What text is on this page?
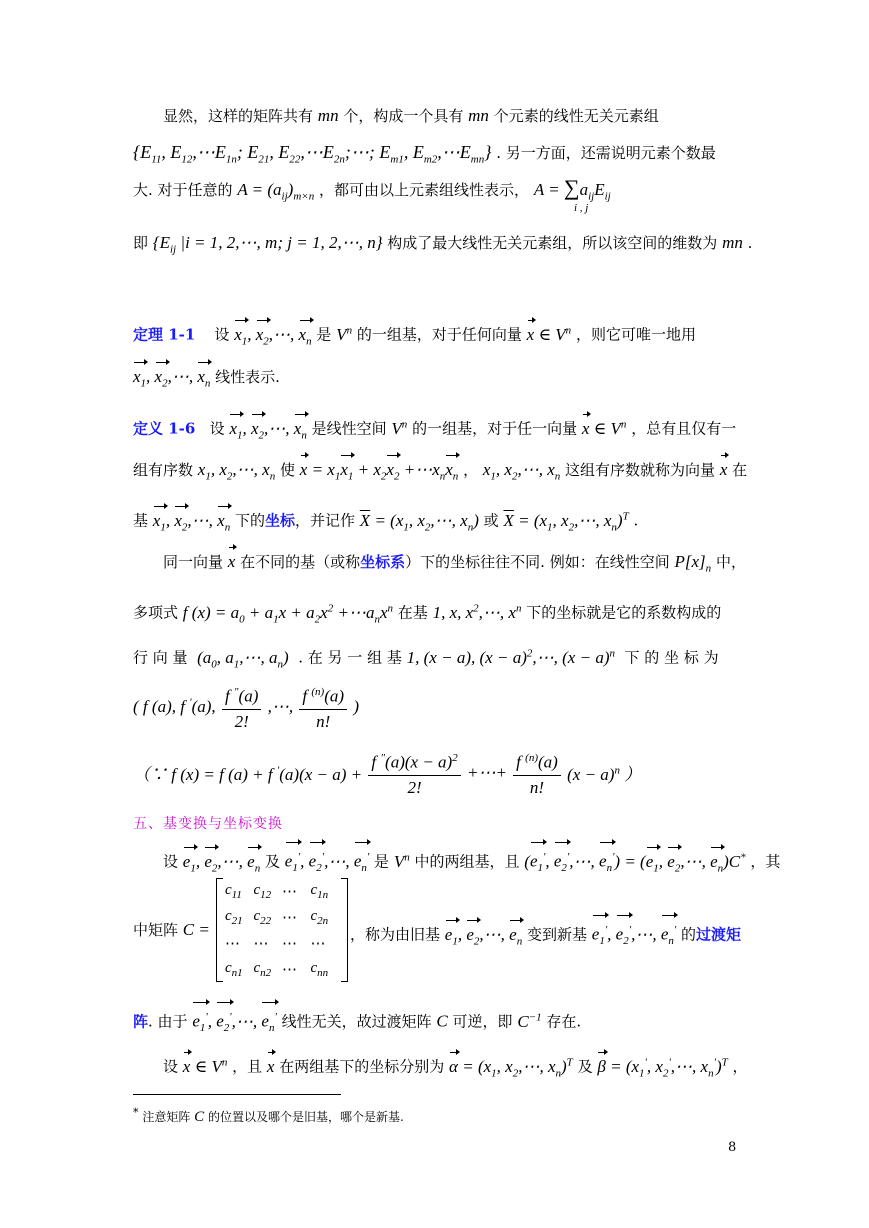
显然，这样的矩阵共有 mn 个，构成一个具有 mn 个元素的线性无关元素组
{$E_{11}$, $E_{12},\cdots E_{1n}$; $E_{21}$, $E_{22},\cdots E_{2n};\cdots$; $E_{m1}$, $E_{m2},\cdots E_{mn}$} . 另一方面，还需说明元素个数最
大. 对于任意的 $A = (a_{ij})_{m\times n}$ ，都可由以上元素组线性表示， $A = \sum a_{ij}E_{ij}$
i , j
即 {$E_{ij}$ |i = 1, 2,⋯, m; j = 1, 2,⋯, n} 构成了最大线性无关元素组，所以该空间的维数为 mn .
定理 1-1 设 $x_1$, $x_2,\cdots$, $x_n$ 是 $V^n$ 的一组基，对于任何向量 x ∈ $V^n$ ，则它可唯一地用
$x_1$, $x_2,\cdots$, $x_n$ 线性表示.
定义 1-6 设 $x_1$, $x_2,\cdots$, $x_n$ 是线性空间 $V^n$ 的一组基，对于任一向量 x ∈ $V^n$ ，总有且仅有一
组有序数 $x_1$, $x_2,\cdots$, $x_n$ 使 $x = x_1x_1 + x_2x_2$ $+\cdots x_nx_n$ ， $x_1$, $x_2,\cdots$, $x_n$ 这组有序数就称为向量 x 在
基 $x_1$, $x_2,\cdots$, $x_n$ 下的坐标，并记作 $\overline{X} = (x_1$, $x_2,\cdots$, $x_n$) 或 $\overline{X} = (x_1$, $x_2,\cdots$, $x_n)^T$ .
同一向量 x 在不同的基（或称坐标系）下的坐标往往不同. 例如：在线性空间 $P[x]_n$ 中，
多项式 f $(x) = a_0 + a_1x + a_2x^2$ $+\cdots a_nx^n$ 在基 1, x, $x^2,\cdots$, $x^n$ 下的坐标就是它的系数构成的
行 向 量 ($a_0$, $a_1,\cdots$, $a_n$) . 在 另 一 组 基 1, (x − a), $(x - a)^2,\cdots$, $(x - a)^n$ 下 的 坐 标 为
( f (a), f '(a), $\frac{f ^"(a)}{2!}$ ,⋯, $\frac{f ^{(n)}(a)}{n!}$ )
（∵ f (x) = f (a) + f $'(a)(x - a) + \frac{f ^"(a)(x - a)^2}{2!}$ +⋯+ $\frac{f ^{(n)}(a)}{n!} (x - a)^n$ ）
五、基变换与坐标变换
设 $e_1$, $e_2,\cdots$, $e_n$ 及 $e_1'$, $e_2',\cdots$, $e_n'$ 是 $V^n$ 中的两组基，且 ($e_1'$, $e_2',\cdots$, $e_n') = (e_1$, $e_2,\cdots$, $e_n)C^*$ ，其
中矩阵 C =
$c_{11}$ $c_{12}$ ⋯ $c_{1n}$
$c_{21}$ $c_{22}$ ⋯ $c_{2n}$
⋯ ⋯ ⋯ ⋯
$c_{n1}$ $c_{n2}$ ⋯ $c_{nn}$
，称为由旧基 $e_1$, $e_2,\cdots$, $e_n$ 变到新基 $e_1'$, $e_2',\cdots$, $e_n'$ 的过渡矩
阵. 由于 $e_1'$, $e_2',\cdots$, $e_n'$ 线性无关，故过渡矩阵 C 可逆，即 $C^{-1}$ 存在.
设 x ∈ $V^n$ ，且 x 在两组基下的坐标分别为 $\alpha = (x_1$, $x_2,\cdots$, $x_n)^T$ 及 $\beta = (x_1'$, $x_2',\cdots$, $x_n')^T$ ，
* 注意矩阵 C 的位置以及哪个是旧基，哪个是新基.
8
